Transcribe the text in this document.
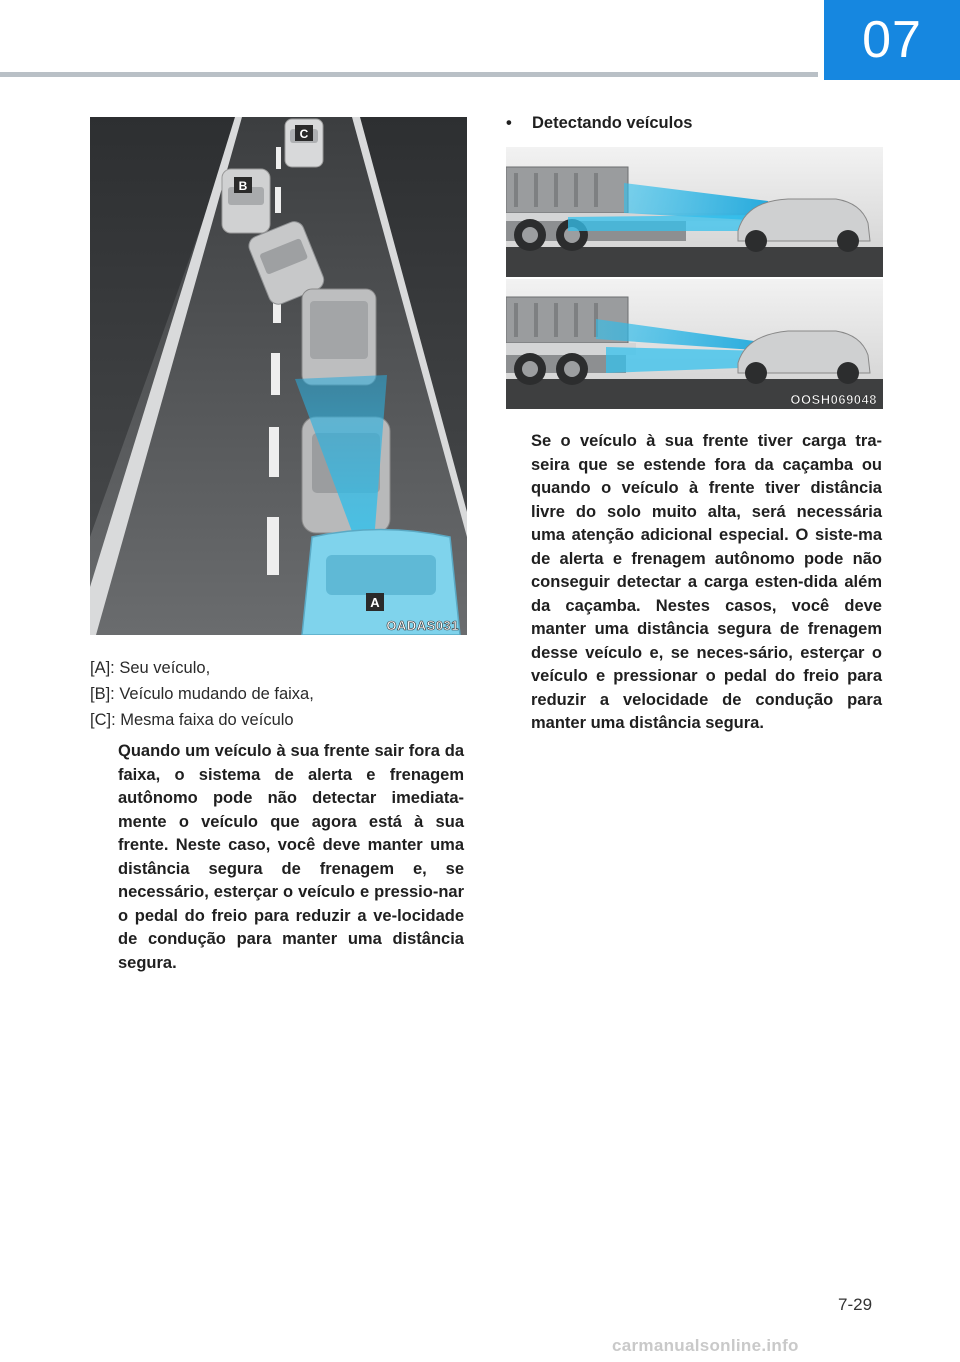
07
C
B
A
OADAS031
OOSH069048
[A]: Seu veículo,
[B]: Veículo mudando de faixa,
[C]: Mesma faixa do veículo
Quando um veículo à sua frente sair fora da faixa, o sistema de alerta e frenagem autônomo pode não detectar imediata-mente o veículo que agora está à sua frente. Neste caso, você deve manter uma distância segura de frenagem e, se necessário, esterçar o veículo e pressio-nar o pedal do freio para reduzir a ve-locidade de condução para manter uma distância segura.
• Detectando veículos
Se o veículo à sua frente tiver carga tra-seira que se estende fora da caçamba ou quando o veículo à frente tiver distância livre do solo muito alta, será necessária uma atenção adicional especial. O siste-ma de alerta e frenagem autônomo pode não conseguir detectar a carga esten-dida além da caçamba. Nestes casos, você deve manter uma distância segura de frenagem desse veículo e, se neces-sário, esterçar o veículo e pressionar o pedal do freio para reduzir a velocidade de condução para manter uma distância segura.
7-29
carmanualsonline.info
